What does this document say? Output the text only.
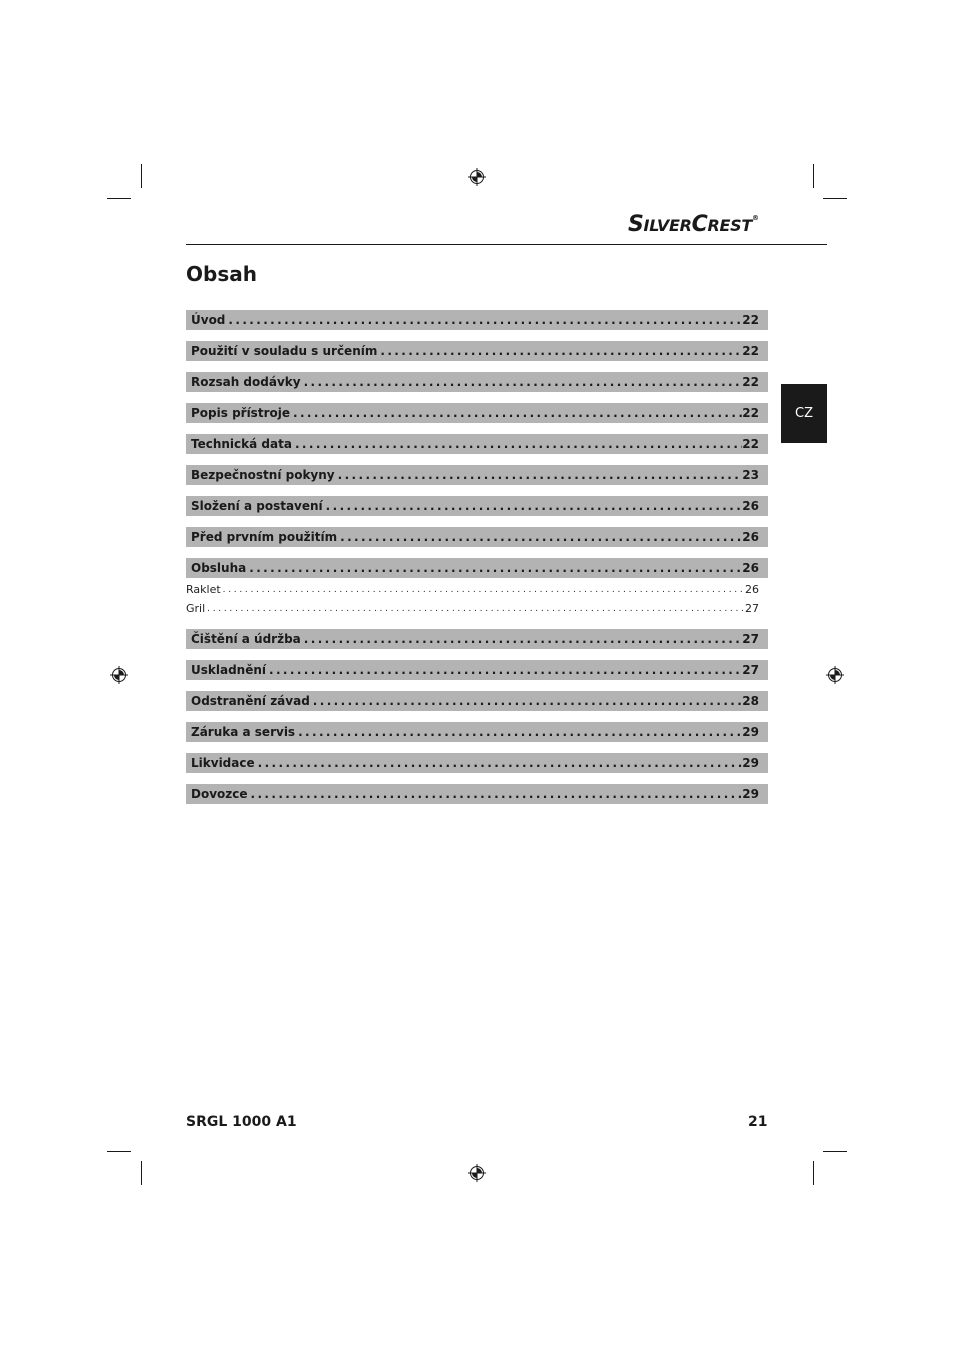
SILVERCREST®
Obsah
Úvod .....	22
Použití v souladu s určením .....	22
Rozsah dodávky .....	22
Popis přístroje .....	22
Technická data .....	22
Bezpečnostní pokyny .....	23
Složení a postavení .....	26
Před prvním použitím .....	26
Obsluha .....	26
Raklet .....	26
Gril .....	27
Čištění a údržba .....	27
Uskladnění .....	27
Odstranění závad .....	28
Záruka a servis .....	29
Likvidace .....	29
Dovozce .....	29
CZ
SRGL 1000 A1	21
